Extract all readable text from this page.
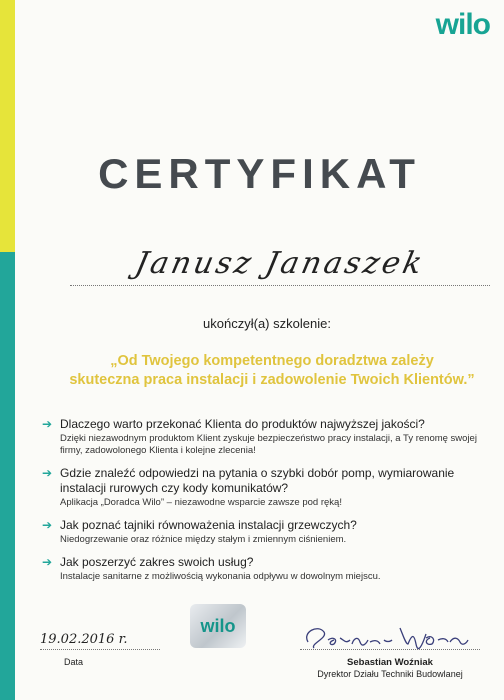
wilo
CERTYFIKAT
Janusz Janaszek
ukończył(a) szkolenie:
„Od Twojego kompetentnego doradztwa zależy
skuteczna praca instalacji i zadowolenie Twoich Klientów.”
➔ Dlaczego warto przekonać Klienta do produktów najwyższej jakości?
Dzięki niezawodnym produktom Klient zyskuje bezpieczeństwo pracy instalacji, a Ty renomę swojej firmy, zadowolonego Klienta i kolejne zlecenia!
➔ Gdzie znaleźć odpowiedzi na pytania o szybki dobór pomp, wymiarowanie instalacji rurowych czy kody komunikatów?
Aplikacja „Doradca Wilo” – niezawodne wsparcie zawsze pod ręką!
➔ Jak poznać tajniki równoważenia instalacji grzewczych?
Niedogrzewanie oraz różnice między stałym i zmiennym ciśnieniem.
➔ Jak poszerzyć zakres swoich usług?
Instalacje sanitarne z możliwością wykonania odpływu w dowolnym miejscu.
wilo
19.02.2016 r.
Data	Sebastian Woźniak
Dyrektor Działu Techniki Budowlanej
